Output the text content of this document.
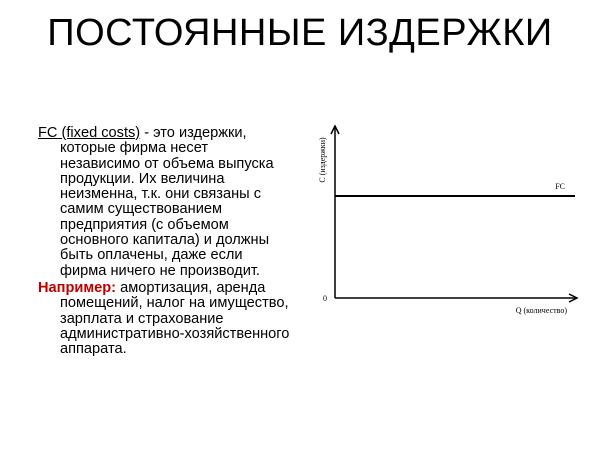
ПОСТОЯННЫЕ ИЗДЕРЖКИ

FC (fixed costs) - это издержки, которые фирма несет независимо от объема выпуска продукции. Их величина неизменна, т.к. они связаны с самим существованием предприятия (с объемом основного капитала) и должны быть оплачены, даже если фирма ничего не производит.

Например: амортизация, аренда помещений, налог на имущество, зарплата и страхование административно-хозяйственного аппарата.

FC
0
Q (количество)
С (издержки)
